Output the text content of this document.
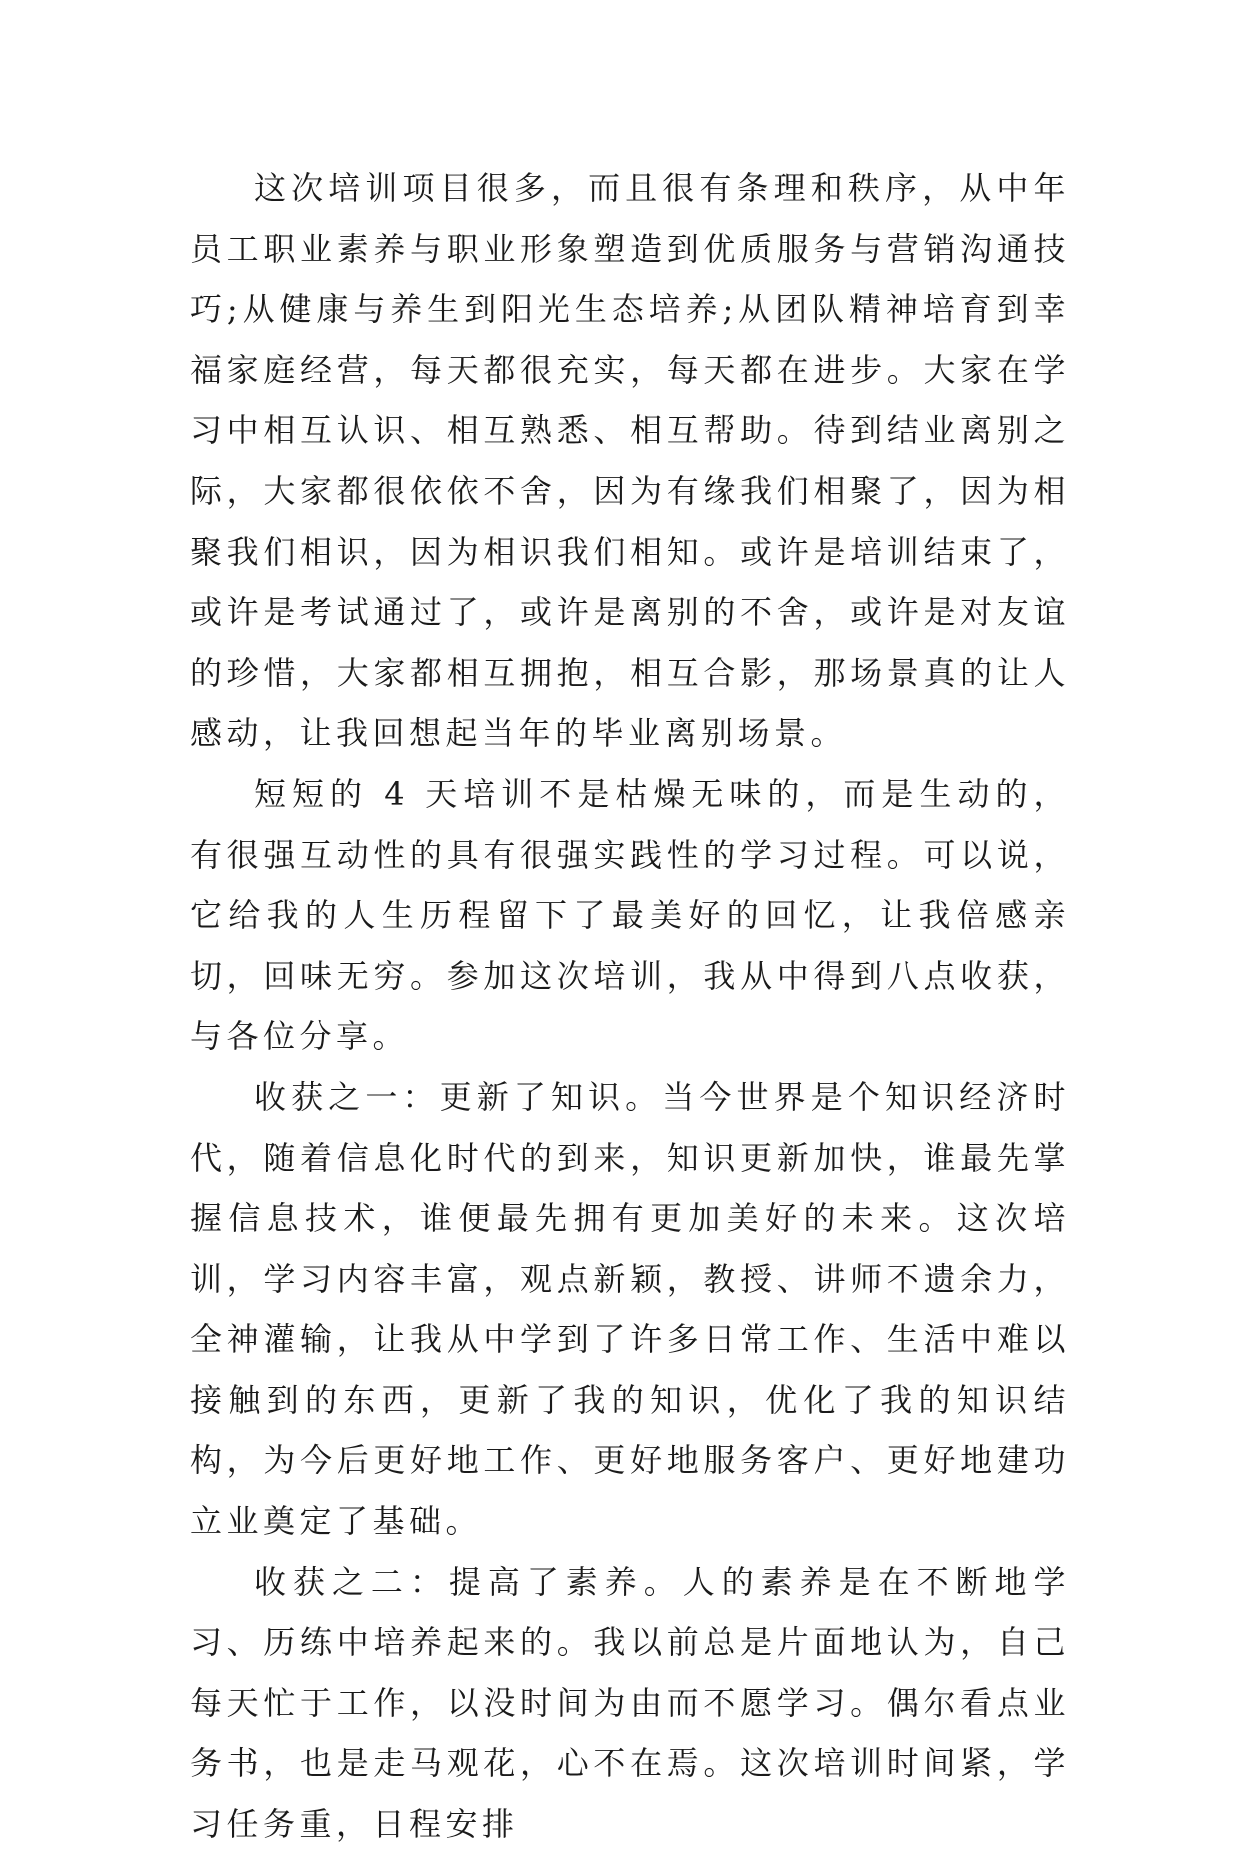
这次培训项目很多，而且很有条理和秩序，从中年员工职业素养与职业形象塑造到优质服务与营销沟通技巧;从健康与养生到阳光生态培养;从团队精神培育到幸福家庭经营，每天都很充实，每天都在进步。大家在学习中相互认识、相互熟悉、相互帮助。待到结业离别之际，大家都很依依不舍，因为有缘我们相聚了，因为相聚我们相识，因为相识我们相知。或许是培训结束了，或许是考试通过了，或许是离别的不舍，或许是对友谊的珍惜，大家都相互拥抱，相互合影，那场景真的让人感动，让我回想起当年的毕业离别场景。

短短的 4 天培训不是枯燥无味的，而是生动的，有很强互动性的具有很强实践性的学习过程。可以说，它给我的人生历程留下了最美好的回忆，让我倍感亲切，回味无穷。参加这次培训，我从中得到八点收获，与各位分享。

收获之一：更新了知识。当今世界是个知识经济时代，随着信息化时代的到来，知识更新加快，谁最先掌握信息技术，谁便最先拥有更加美好的未来。这次培训，学习内容丰富，观点新颖，教授、讲师不遗余力，全神灌输，让我从中学到了许多日常工作、生活中难以接触到的东西，更新了我的知识，优化了我的知识结构，为今后更好地工作、更好地服务客户、更好地建功立业奠定了基础。

收获之二：提高了素养。人的素养是在不断地学习、历练中培养起来的。我以前总是片面地认为，自己每天忙于工作，以没时间为由而不愿学习。偶尔看点业务书，也是走马观花，心不在焉。这次培训时间紧，学习任务重，日程安排
